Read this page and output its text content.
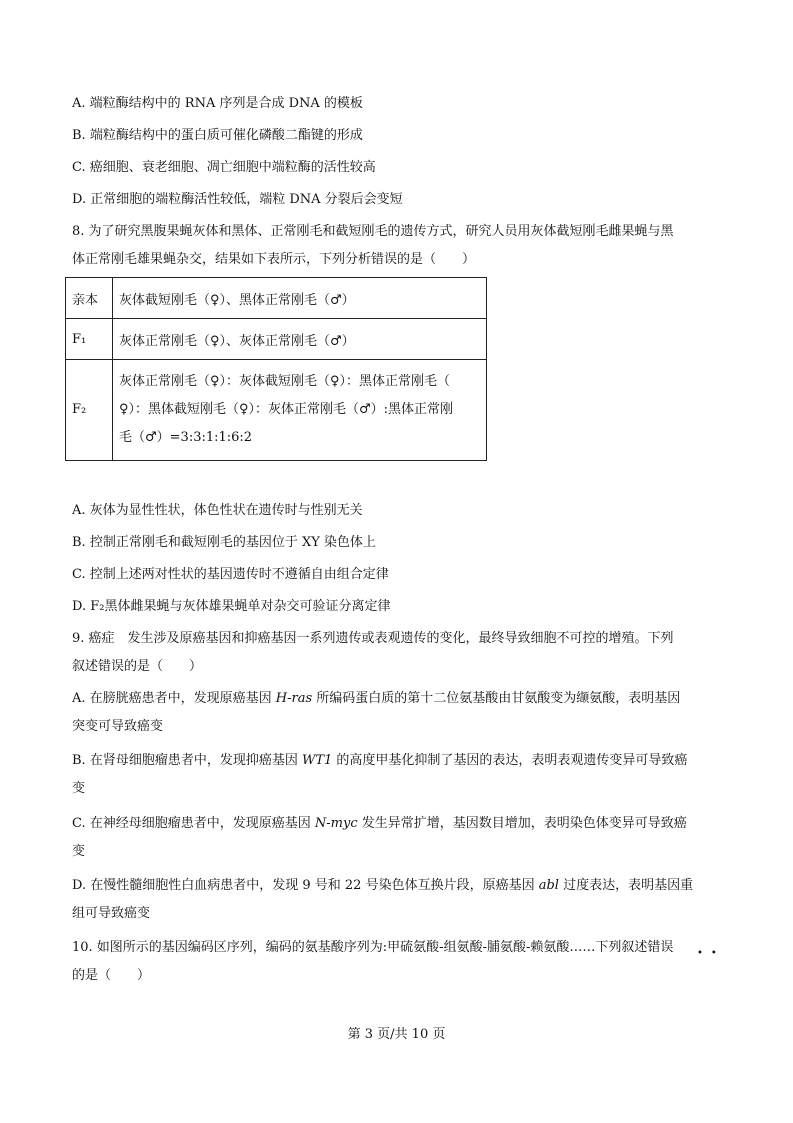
A. 端粒酶结构中的 RNA 序列是合成 DNA 的模板
B. 端粒酶结构中的蛋白质可催化磷酸二酯键的形成
C. 癌细胞、衰老细胞、凋亡细胞中端粒酶的活性较高
D. 正常细胞的端粒酶活性较低，端粒 DNA 分裂后会变短
8. 为了研究黑腹果蝇灰体和黑体、正常刚毛和截短刚毛的遗传方式，研究人员用灰体截短刚毛雌果蝇与黑
体正常刚毛雄果蝇杂交，结果如下表所示，下列分析错误的是（　　）
亲本	灰体截短刚毛（♀）、黑体正常刚毛（♂）
F₁	灰体正常刚毛（♀）、灰体正常刚毛（♂）
F₂	灰体正常刚毛（♀）：灰体截短刚毛（♀）：黑体正常刚毛（
♀）：黑体截短刚毛（♀）：灰体正常刚毛（♂）:黑体正常刚
毛（♂）=3:3:1:1:6:2
A. 灰体为显性性状，体色性状在遗传时与性别无关
B. 控制正常刚毛和截短刚毛的基因位于 XY 染色体上
C. 控制上述两对性状的基因遗传时不遵循自由组合定律
D. F₂黑体雌果蝇与灰体雄果蝇单对杂交可验证分离定律
9. 癌症　发生涉及原癌基因和抑癌基因一系列遗传或表观遗传的变化，最终导致细胞不可控的增殖。下列
叙述错误的是（　　）
A. 在膀胱癌患者中，发现原癌基因 H-ras 所编码蛋白质的第十二位氨基酸由甘氨酸变为缬氨酸，表明基因
突变可导致癌变
B. 在肾母细胞瘤患者中，发现抑癌基因 WT1 的高度甲基化抑制了基因的表达，表明表观遗传变异可导致癌
变
C. 在神经母细胞瘤患者中，发现原癌基因 N-myc 发生异常扩增，基因数目增加，表明染色体变异可导致癌
变
D. 在慢性髓细胞性白血病患者中，发现 9 号和 22 号染色体互换片段，原癌基因 abl 过度表达，表明基因重
组可导致癌变
10. 如图所示的基因编码区序列，编码的氨基酸序列为:甲硫氨酸-组氨酸-脯氨酸-赖氨酸……下列叙述错误 ••
的是（　　）
第 3 页/共 10 页
